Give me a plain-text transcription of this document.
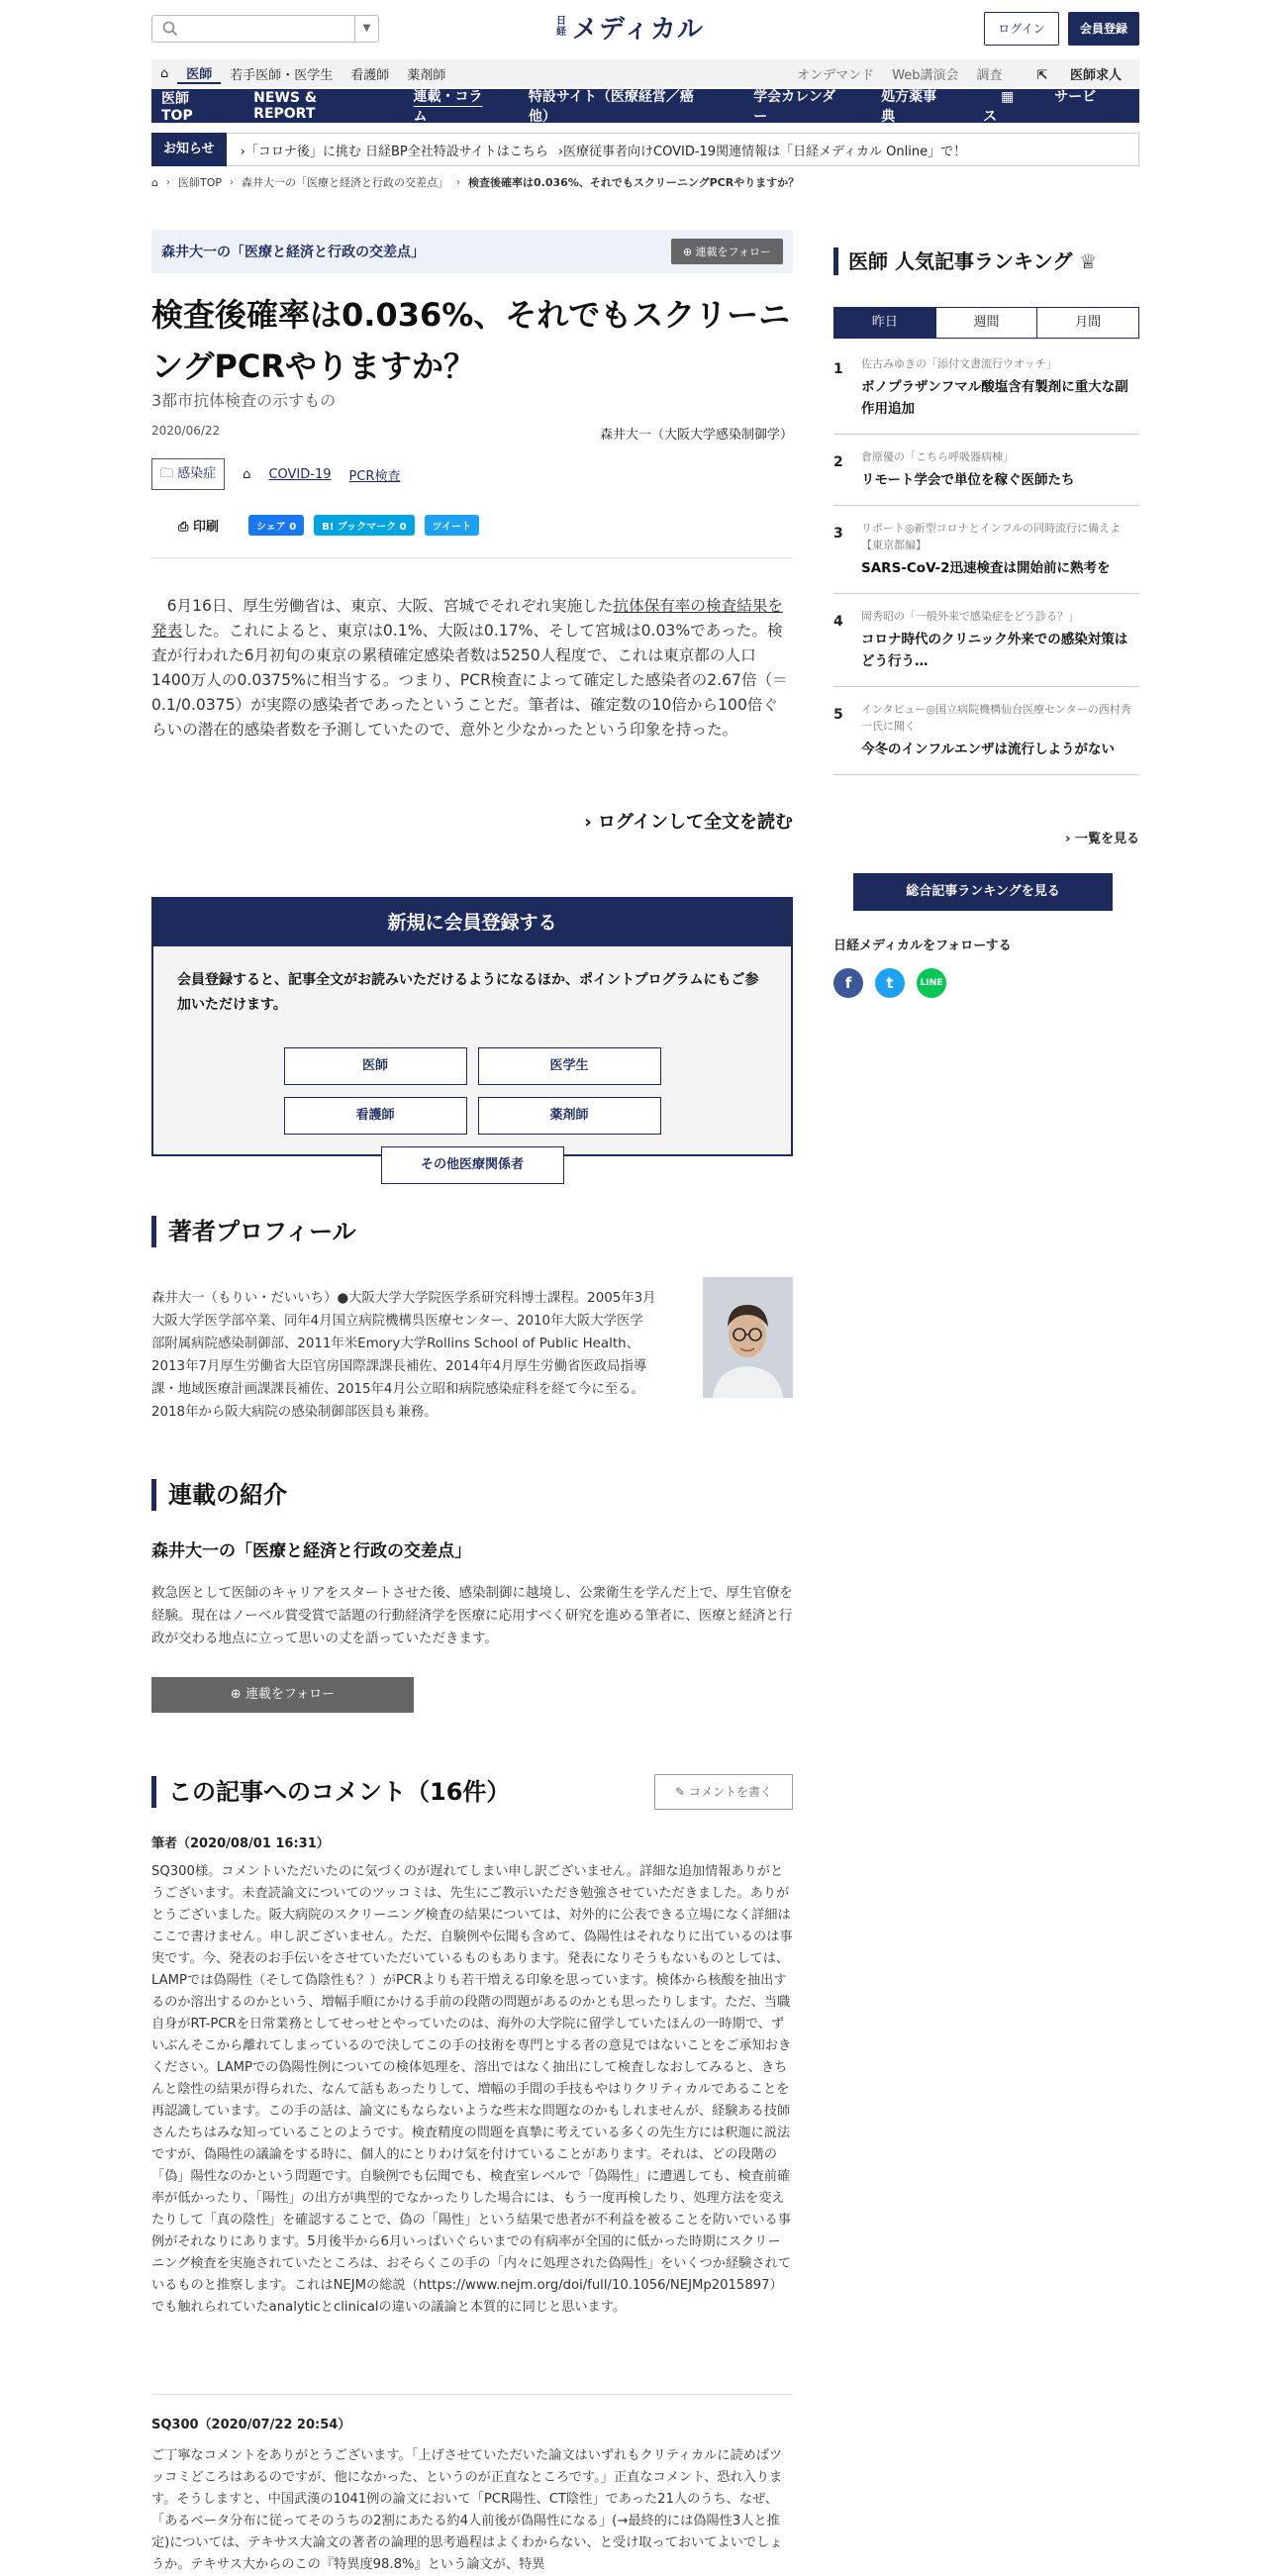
▼
日経 メディカル	ログイン	会員登録
⌂	医師	若手医師・医学生	看護師	薬剤師	オンデマンド	Web講演会	調査	⇱ 医師求人
医師TOP
NEWS & REPORT
連載・コラム
特設サイト（医療経営／癌 他）
学会カレンダー
処方薬事典
▦	サービス
お知らせ	›「コロナ後」に挑む 日経BP全社特設サイトはこちら ›医療従事者向けCOVID-19関連情報は「日経メディカル Online」で！
⌂ › 医師TOP › 森井大一の「医療と経済と行政の交差点」 › 検査後確率は0.036%、それでもスクリーニングPCRやりますか？
森井大一の「医療と経済と行政の交差点」	⊕ 連載をフォロー
検査後確率は0.036%、それでもスクリーニングPCRやりますか？
3都市抗体検査の示すもの
2020/06/22	森井大一（大阪大学感染制御学）
🗀 感染症	⌂ COVID-19 PCR検査
⎙ 印刷	シェア 0	B! ブックマーク 0	ツイート

6月16日、厚生労働省は、東京、大阪、宮城でそれぞれ実施した抗体保有率の検査結果を発表した。これによると、東京は0.1%、大阪は0.17%、そして宮城は0.03%であった。検査が行われた6月初旬の東京の累積確定感染者数は5250人程度で、これは東京都の人口1400万人の0.0375%に相当する。つまり、PCR検査によって確定した感染者の2.67倍（＝0.1/0.0375）が実際の感染者であったということだ。筆者は、確定数の10倍から100倍ぐらいの潜在的感染者数を予測していたので、意外と少なかったという印象を持った。

› ログインして全文を読む
新規に会員登録する
会員登録すると、記事全文がお読みいただけるようになるほか、ポイントプログラムにもご参加いただけます。
医師	医学生
看護師	薬剤師
その他医療関係者
著者プロフィール

森井大一（もりい・だいいち）●大阪大学大学院医学系研究科博士課程。2005年3月大阪大学医学部卒業、同年4月国立病院機構呉医療センター、2010年大阪大学医学部附属病院感染制御部、2011年米Emory大学Rollins School of Public Health、2013年7月厚生労働省大臣官房国際課課長補佐、2014年4月厚生労働省医政局指導課・地域医療計画課課長補佐、2015年4月公立昭和病院感染症科を経て今に至る。2018年から阪大病院の感染制御部医員も兼務。

連載の紹介
森井大一の「医療と経済と行政の交差点」

救急医として医師のキャリアをスタートさせた後、感染制御に越境し、公衆衛生を学んだ上で、厚生官僚を経験。現在はノーベル賞受賞で話題の行動経済学を医療に応用すべく研究を進める筆者に、医療と経済と行政が交わる地点に立って思いの丈を語っていただきます。

⊕ 連載をフォロー
この記事へのコメント（16件）	✎ コメントを書く
筆者（2020/08/01 16:31）

SQ300様。コメントいただいたのに気づくのが遅れてしまい申し訳ございません。詳細な追加情報ありがとうございます。未査読論文についてのツッコミは、先生にご教示いただき勉強させていただきました。ありがとうございました。阪大病院のスクリーニング検査の結果については、対外的に公表できる立場になく詳細はここで書けません。申し訳ございません。ただ、自験例や伝聞も含めて、偽陽性はそれなりに出ているのは事実です。今、発表のお手伝いをさせていただいているものもあります。発表になりそうもないものとしては、LAMPでは偽陽性（そして偽陰性も？）がPCRよりも若干増える印象を思っています。検体から核酸を抽出するのか溶出するのかという、増幅手順にかける手前の段階の問題があるのかとも思ったりします。ただ、当職自身がRT-PCRを日常業務としてせっせとやっていたのは、海外の大学院に留学していたほんの一時期で、ずいぶんそこから離れてしまっているので決してこの手の技術を専門とする者の意見ではないことをご承知おきください。LAMPでの偽陽性例についての検体処理を、溶出ではなく抽出にして検査しなおしてみると、きちんと陰性の結果が得られた、なんて話もあったりして、増幅の手間の手技もやはりクリティカルであることを再認識しています。この手の話は、論文にもならないような些末な問題なのかもしれませんが、経験ある技師さんたちはみな知っていることのようです。検査精度の問題を真摯に考えている多くの先生方には釈迦に説法ですが、偽陽性の議論をする時に、個人的にとりわけ気を付けていることがあります。それは、どの段階の「偽」陽性なのかという問題です。自験例でも伝聞でも、検査室レベルで「偽陽性」に遭遇しても、検査前確率が低かったり、「陽性」の出方が典型的でなかったりした場合には、もう一度再検したり、処理方法を変えたりして「真の陰性」を確認することで、偽の「陽性」という結果で患者が不利益を被ることを防いでいる事例がそれなりにあります。5月後半から6月いっぱいぐらいまでの有病率が全国的に低かった時期にスクリーニング検査を実施されていたところは、おそらくこの手の「内々に処理された偽陽性」をいくつか経験されているものと推察します。これはNEJMの総説（https://www.nejm.org/doi/full/10.1056/NEJMp2015897）でも触れられていたanalyticとclinicalの違いの議論と本質的に同じと思います。

SQ300（2020/07/22 20:54）

ご丁寧なコメントをありがとうございます。「上げさせていただいた論文はいずれもクリティカルに読めばツッコミどころはあるのですが、他になかった、というのが正直なところです。」正直なコメント、恐れ入ります。そうしますと、中国武漢の1041例の論文において「PCR陽性、CT陰性」であった21人のうち、なぜ、「あるベータ分布に従ってそのうちの2割にあたる約4人前後が偽陽性になる」(→最終的には偽陽性3人と推定)については、テキサス大論文の著者の論理的思考過程はよくわからない、と受け取っておいてよいでしょうか。テキサス大からのこの『特異度98.8%』という論文が、特異

医師 人気記事ランキング ♕
昨日	週間	月間
1 佐古みゆきの「添付文書流行ウオッチ」
ボノプラザンフマル酸塩含有製剤に重大な副作用追加
2 倉原優の「こちら呼吸器病棟」
リモート学会で単位を稼ぐ医師たち
3 リポート◎新型コロナとインフルの同時流行に備えよ【東京都編】
SARS-CoV-2迅速検査は開始前に熟考を
4 岡秀昭の「一般外来で感染症をどう診る？」
コロナ時代のクリニック外来での感染対策はどう行う…
5 インタビュー◎国立病院機構仙台医療センターの西村秀一氏に聞く
今冬のインフルエンザは流行しようがない
› 一覧を見る
総合記事ランキングを見る
日経メディカルをフォローする
f	t	LINE
